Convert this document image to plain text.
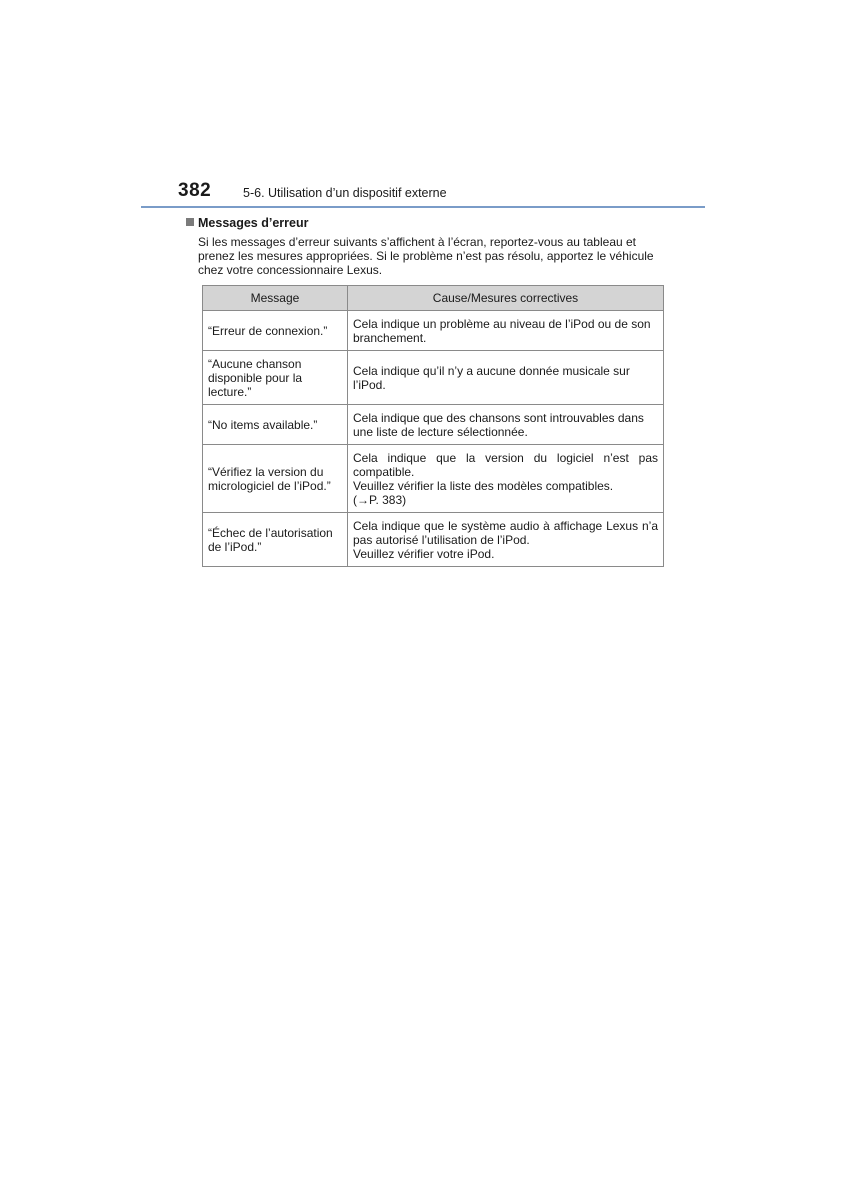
382	5-6. Utilisation d’un dispositif externe
Messages d’erreur

Si les messages d’erreur suivants s’affichent à l’écran, reportez-vous au tableau et prenez les mesures appropriées. Si le problème n’est pas résolu, apportez le véhicule chez votre concessionnaire Lexus.

Message	Cause/Mesures correctives
“Erreur de connexion.”	Cela indique un problème au niveau de l’iPod ou de son branchement.

“Aucune chanson disponible pour la lecture.”	Cela indique qu’il n’y a aucune donnée musicale sur l’iPod.

“No items available.”	Cela indique que des chansons sont introuvables dans une liste de lecture sélectionnée.

“Vérifiez la version du micrologiciel de l’iPod.”	Cela indique que la version du logiciel n’est pas compatible.
Veuillez vérifier la liste des modèles compatibles.
(→P. 383)

“Échec de l’autorisation de l’iPod.”	Cela indique que le système audio à affichage Lexus n’a pas autorisé l’utilisation de l’iPod.
Veuillez vérifier votre iPod.
